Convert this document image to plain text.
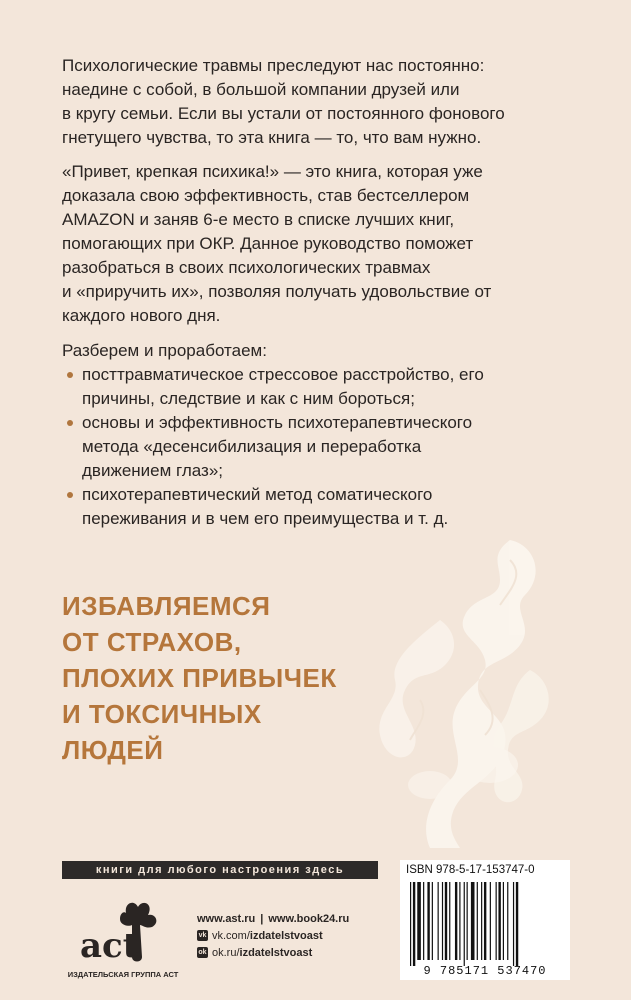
Психологические травмы преследуют нас постоянно:
наедине с собой, в большой компании друзей или
в кругу семьи. Если вы устали от постоянного фонового
гнетущего чувства, то эта книга — то, что вам нужно.

«Привет, крепкая психика!» — это книга, которая уже
доказала свою эффективность, став бестселлером
AMAZON и заняв 6-е место в списке лучших книг,
помогающих при ОКР. Данное руководство поможет
разобраться в своих психологических травмах
и «приручить их», позволяя получать удовольствие от
каждого нового дня.

Разберем и проработаем:

посттравматическое стрессовое расстройство, его
причины, следствие и как с ним бороться;
основы и эффективность психотерапевтического
метода «десенсибилизация и переработка
движением глаз»;
психотерапевтический метод соматического
переживания и в чем его преимущества и т. д.

ИЗБАВЛЯЕМСЯ
ОТ СТРАХОВ,
ПЛОХИХ ПРИВЫЧЕК
И ТОКСИЧНЫХ
ЛЮДЕЙ

книги для любого настроения здесь
act
ИЗДАТЕЛЬСКАЯ ГРУППА АСТ
www.ast.ru | www.book24.ru
vk vk.com/ izdatelstvoast
ok ok.ru/ izdatelstvoast
ISBN 978-5-17-153747-0
9 785171 537470
